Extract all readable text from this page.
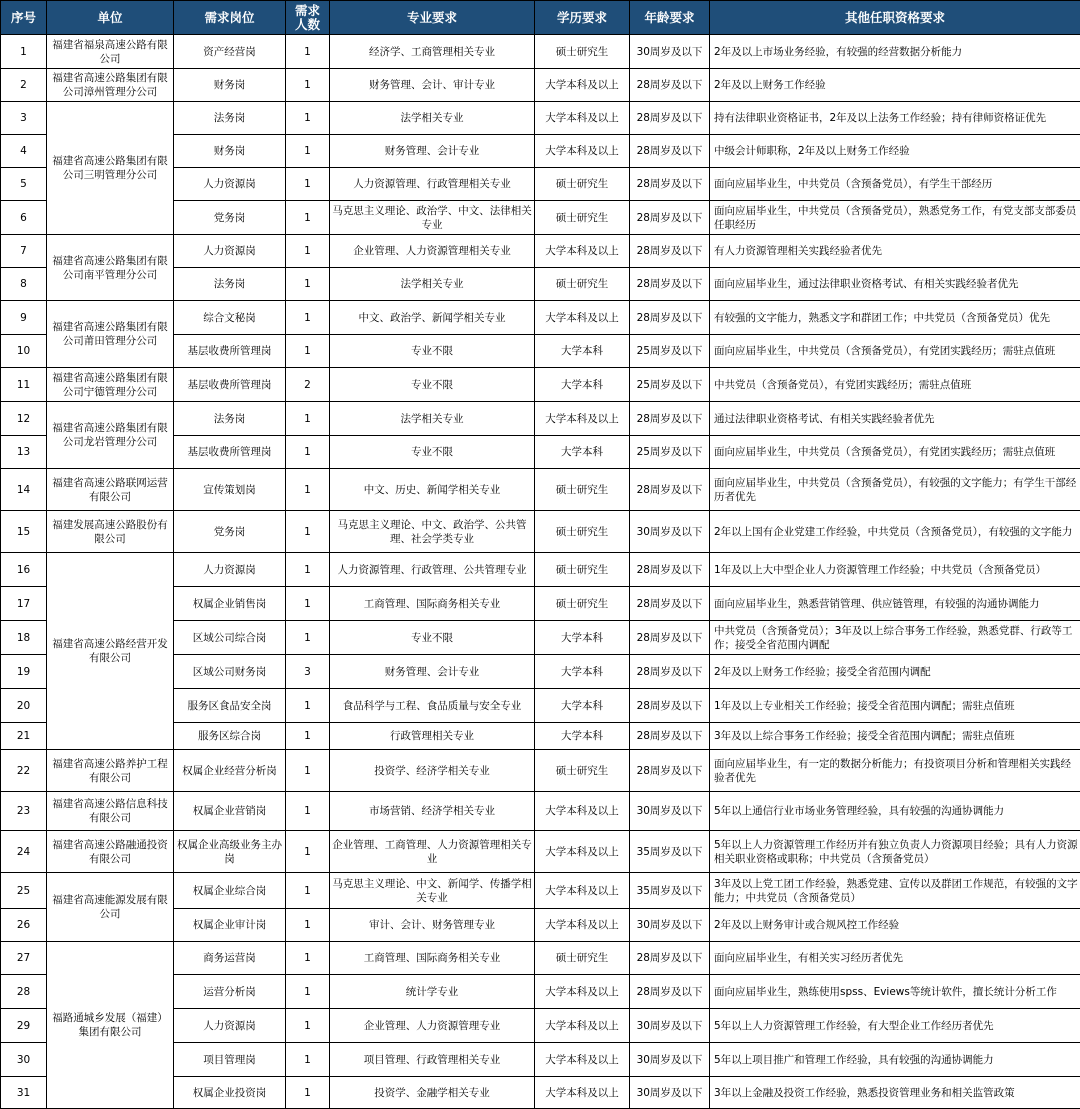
序号	单位	需求岗位	需求人数	专业要求	学历要求	年龄要求	其他任职资格要求
1	福建省福泉高速公路有限公司	资产经营岗	1	经济学、工商管理相关专业	硕士研究生	30周岁及以下	2年及以上市场业务经验，有较强的经营数据分析能力
2	福建省高速公路集团有限公司漳州管理分公司	财务岗	1	财务管理、会计、审计专业	大学本科及以上	28周岁及以下	2年及以上财务工作经验
3	福建省高速公路集团有限公司三明管理分公司	法务岗	1	法学相关专业	大学本科及以上	28周岁及以下	持有法律职业资格证书，2年及以上法务工作经验；持有律师资格证优先
4		财务岗	1	财务管理、会计专业	大学本科及以上	28周岁及以下	中级会计师职称，2年及以上财务工作经验
5		人力资源岗	1	人力资源管理、行政管理相关专业	硕士研究生	28周岁及以下	面向应届毕业生，中共党员（含预备党员），有学生干部经历
6		党务岗	1	马克思主义理论、政治学、中文、法律相关专业	硕士研究生	28周岁及以下	面向应届毕业生，中共党员（含预备党员），熟悉党务工作，有党支部支部委员任职经历
7	福建省高速公路集团有限公司南平管理分公司	人力资源岗	1	企业管理、人力资源管理相关专业	大学本科及以上	28周岁及以下	有人力资源管理相关实践经验者优先
8		法务岗	1	法学相关专业	硕士研究生	28周岁及以下	面向应届毕业生，通过法律职业资格考试、有相关实践经验者优先
9	福建省高速公路集团有限公司莆田管理分公司	综合文秘岗	1	中文、政治学、新闻学相关专业	大学本科及以上	28周岁及以下	有较强的文字能力，熟悉文字和群团工作；中共党员（含预备党员）优先
10		基层收费所管理岗	1	专业不限	大学本科	25周岁及以下	面向应届毕业生，中共党员（含预备党员），有党团实践经历；需驻点值班
11	福建省高速公路集团有限公司宁德管理分公司	基层收费所管理岗	2	专业不限	大学本科	25周岁及以下	中共党员（含预备党员），有党团实践经历；需驻点值班
12	福建省高速公路集团有限公司龙岩管理分公司	法务岗	1	法学相关专业	大学本科及以上	28周岁及以下	通过法律职业资格考试、有相关实践经验者优先
13		基层收费所管理岗	1	专业不限	大学本科	25周岁及以下	面向应届毕业生，中共党员（含预备党员），有党团实践经历；需驻点值班
14	福建省高速公路联网运营有限公司	宣传策划岗	1	中文、历史、新闻学相关专业	硕士研究生	28周岁及以下	面向应届毕业生，中共党员（含预备党员），有较强的文字能力；有学生干部经历者优先
15	福建发展高速公路股份有限公司	党务岗	1	马克思主义理论、中文、政治学、公共管理、社会学类专业	硕士研究生	30周岁及以下	2年以上国有企业党建工作经验，中共党员（含预备党员），有较强的文字能力
16	福建省高速公路经营开发有限公司	人力资源岗	1	人力资源管理、行政管理、公共管理专业	硕士研究生	28周岁及以下	1年及以上大中型企业人力资源管理工作经验；中共党员（含预备党员）
17		权属企业销售岗	1	工商管理、国际商务相关专业	硕士研究生	28周岁及以下	面向应届毕业生，熟悉营销管理、供应链管理，有较强的沟通协调能力
18		区域公司综合岗	1	专业不限	大学本科	28周岁及以下	中共党员（含预备党员）；3年及以上综合事务工作经验，熟悉党群、行政等工作；接受全省范围内调配
19		区域公司财务岗	3	财务管理、会计专业	大学本科	28周岁及以下	2年及以上财务工作经验；接受全省范围内调配
20		服务区食品安全岗	1	食品科学与工程、食品质量与安全专业	大学本科	28周岁及以下	1年及以上专业相关工作经验；接受全省范围内调配；需驻点值班
21		服务区综合岗	1	行政管理相关专业	大学本科	28周岁及以下	3年及以上综合事务工作经验；接受全省范围内调配；需驻点值班
22	福建省高速公路养护工程有限公司	权属企业经营分析岗	1	投资学、经济学相关专业	硕士研究生	28周岁及以下	面向应届毕业生，有一定的数据分析能力；有投资项目分析和管理相关实践经验者优先
23	福建省高速公路信息科技有限公司	权属企业营销岗	1	市场营销、经济学相关专业	大学本科及以上	30周岁及以下	5年以上通信行业市场业务管理经验，具有较强的沟通协调能力
24	福建省高速公路融通投资有限公司	权属企业高级业务主办岗	1	企业管理、工商管理、人力资源管理相关专业	大学本科及以上	35周岁及以下	5年以上人力资源管理工作经历并有独立负责人力资源项目经验；具有人力资源相关职业资格或职称；中共党员（含预备党员）
25	福建省高速能源发展有限公司	权属企业综合岗	1	马克思主义理论、中文、新闻学、传播学相关专业	大学本科及以上	35周岁及以下	3年及以上党工团工作经验，熟悉党建、宣传以及群团工作规范，有较强的文字能力；中共党员（含预备党员）
26		权属企业审计岗	1	审计、会计、财务管理专业	大学本科及以上	30周岁及以下	2年及以上财务审计或合规风控工作经验
27	福路通城乡发展（福建）集团有限公司	商务运营岗	1	工商管理、国际商务相关专业	硕士研究生	28周岁及以下	面向应届毕业生，有相关实习经历者优先
28		运营分析岗	1	统计学专业	大学本科及以上	28周岁及以下	面向应届毕业生，熟练使用spss、Eviews等统计软件，擅长统计分析工作
29		人力资源岗	1	企业管理、人力资源管理专业	大学本科及以上	30周岁及以下	5年以上人力资源管理工作经验，有大型企业工作经历者优先
30		项目管理岗	1	项目管理、行政管理相关专业	大学本科及以上	30周岁及以下	5年以上项目推广和管理工作经验，具有较强的沟通协调能力
31		权属企业投资岗	1	投资学、金融学相关专业	大学本科及以上	30周岁及以下	3年以上金融及投资工作经验，熟悉投资管理业务和相关监管政策
